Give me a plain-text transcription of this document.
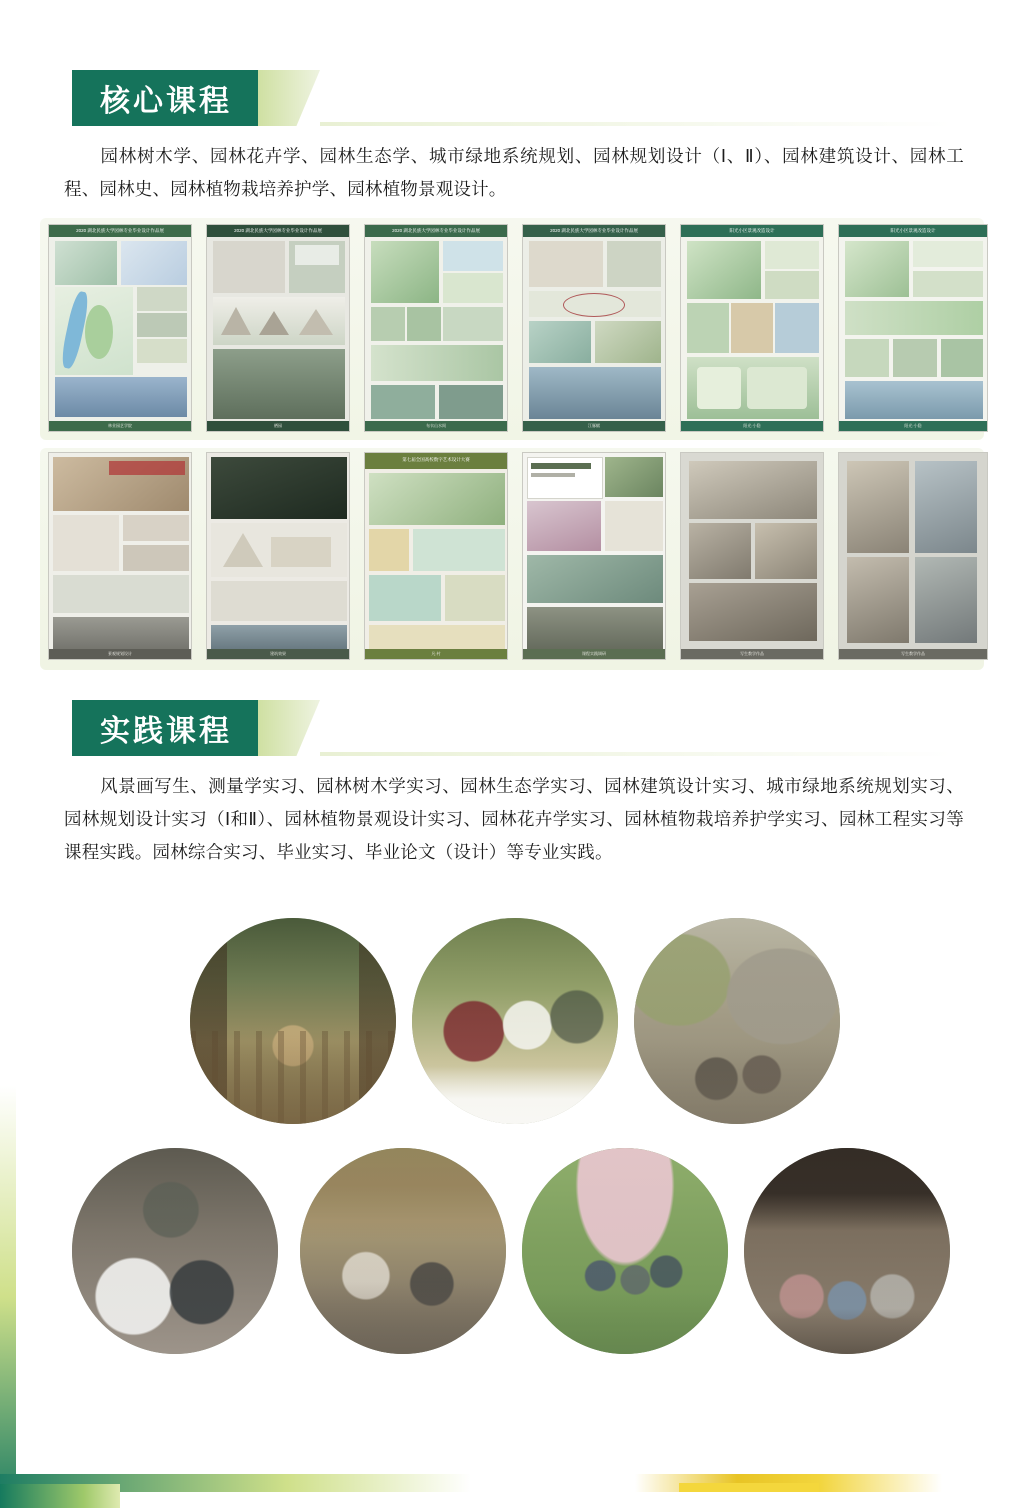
核心课程
园林树木学、园林花卉学、园林生态学、城市绿地系统规划、园林规划设计（Ⅰ、Ⅱ）、园林建筑设计、园林工程、园林史、园林植物栽培养护学、园林植物景观设计。
2020 湖北民族大学园林专业毕业设计作品展
林业园艺学院
2020 湖北民族大学园林专业毕业设计作品展
栖园
2020 湖北民族大学园林专业毕业设计作品展
布衣山水间
2020 湖北民族大学园林专业毕业设计作品展
江豚赋
阳光小区景观改造设计
阳光·小隐
阳光小区景观改造设计
阳光·小隐
景观规划设计	建筑效果
第七届全国高校数字艺术设计大赛
凡·村	课程实践调研	写生教学作品	写生教学作品
实践课程
风景画写生、测量学实习、园林树木学实习、园林生态学实习、园林建筑设计实习、城市绿地系统规划实习、园林规划设计实习（Ⅰ和Ⅱ）、园林植物景观设计实习、园林花卉学实习、园林植物栽培养护学实习、园林工程实习等课程实践。园林综合实习、毕业实习、毕业论文（设计）等专业实践。
